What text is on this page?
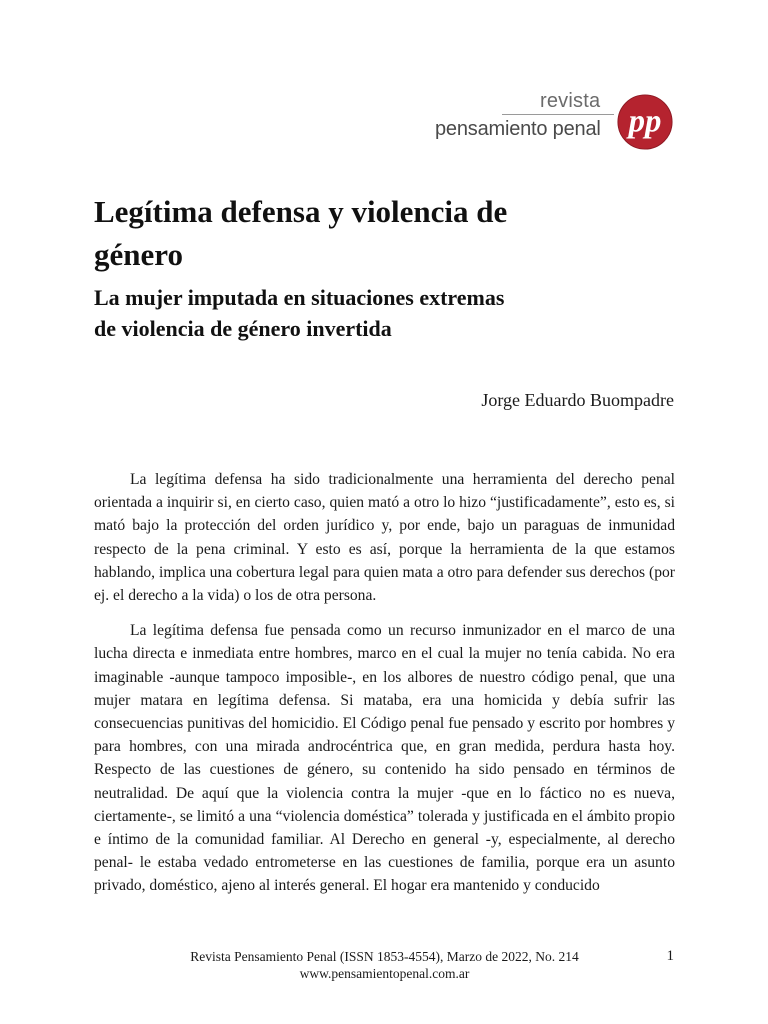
revista
pensamiento penal pp
Legítima defensa y violencia de género
La mujer imputada en situaciones extremas de violencia de género invertida
Jorge Eduardo Buompadre

La legítima defensa ha sido tradicionalmente una herramienta del derecho penal orientada a inquirir si, en cierto caso, quien mató a otro lo hizo “justificadamente”, esto es, si mató bajo la protección del orden jurídico y, por ende, bajo un paraguas de inmunidad respecto de la pena criminal. Y esto es así, porque la herramienta de la que estamos hablando, implica una cobertura legal para quien mata a otro para defender sus derechos (por ej. el derecho a la vida) o los de otra persona.

La legítima defensa fue pensada como un recurso inmunizador en el marco de una lucha directa e inmediata entre hombres, marco en el cual la mujer no tenía cabida. No era imaginable -aunque tampoco imposible-, en los albores de nuestro código penal, que una mujer matara en legítima defensa. Si mataba, era una homicida y debía sufrir las consecuencias punitivas del homicidio. El Código penal fue pensado y escrito por hombres y para hombres, con una mirada androcéntrica que, en gran medida, perdura hasta hoy. Respecto de las cuestiones de género, su contenido ha sido pensado en términos de neutralidad. De aquí que la violencia contra la mujer -que en lo fáctico no es nueva, ciertamente-, se limitó a una “violencia doméstica” tolerada y justificada en el ámbito propio e íntimo de la comunidad familiar. Al Derecho en general -y, especialmente, al derecho penal- le estaba vedado entrometerse en las cuestiones de familia, porque era un asunto privado, doméstico, ajeno al interés general. El hogar era mantenido y conducido

Revista Pensamiento Penal (ISSN 1853-4554), Marzo de 2022, No. 214
www.pensamientopenal.com.ar
1
